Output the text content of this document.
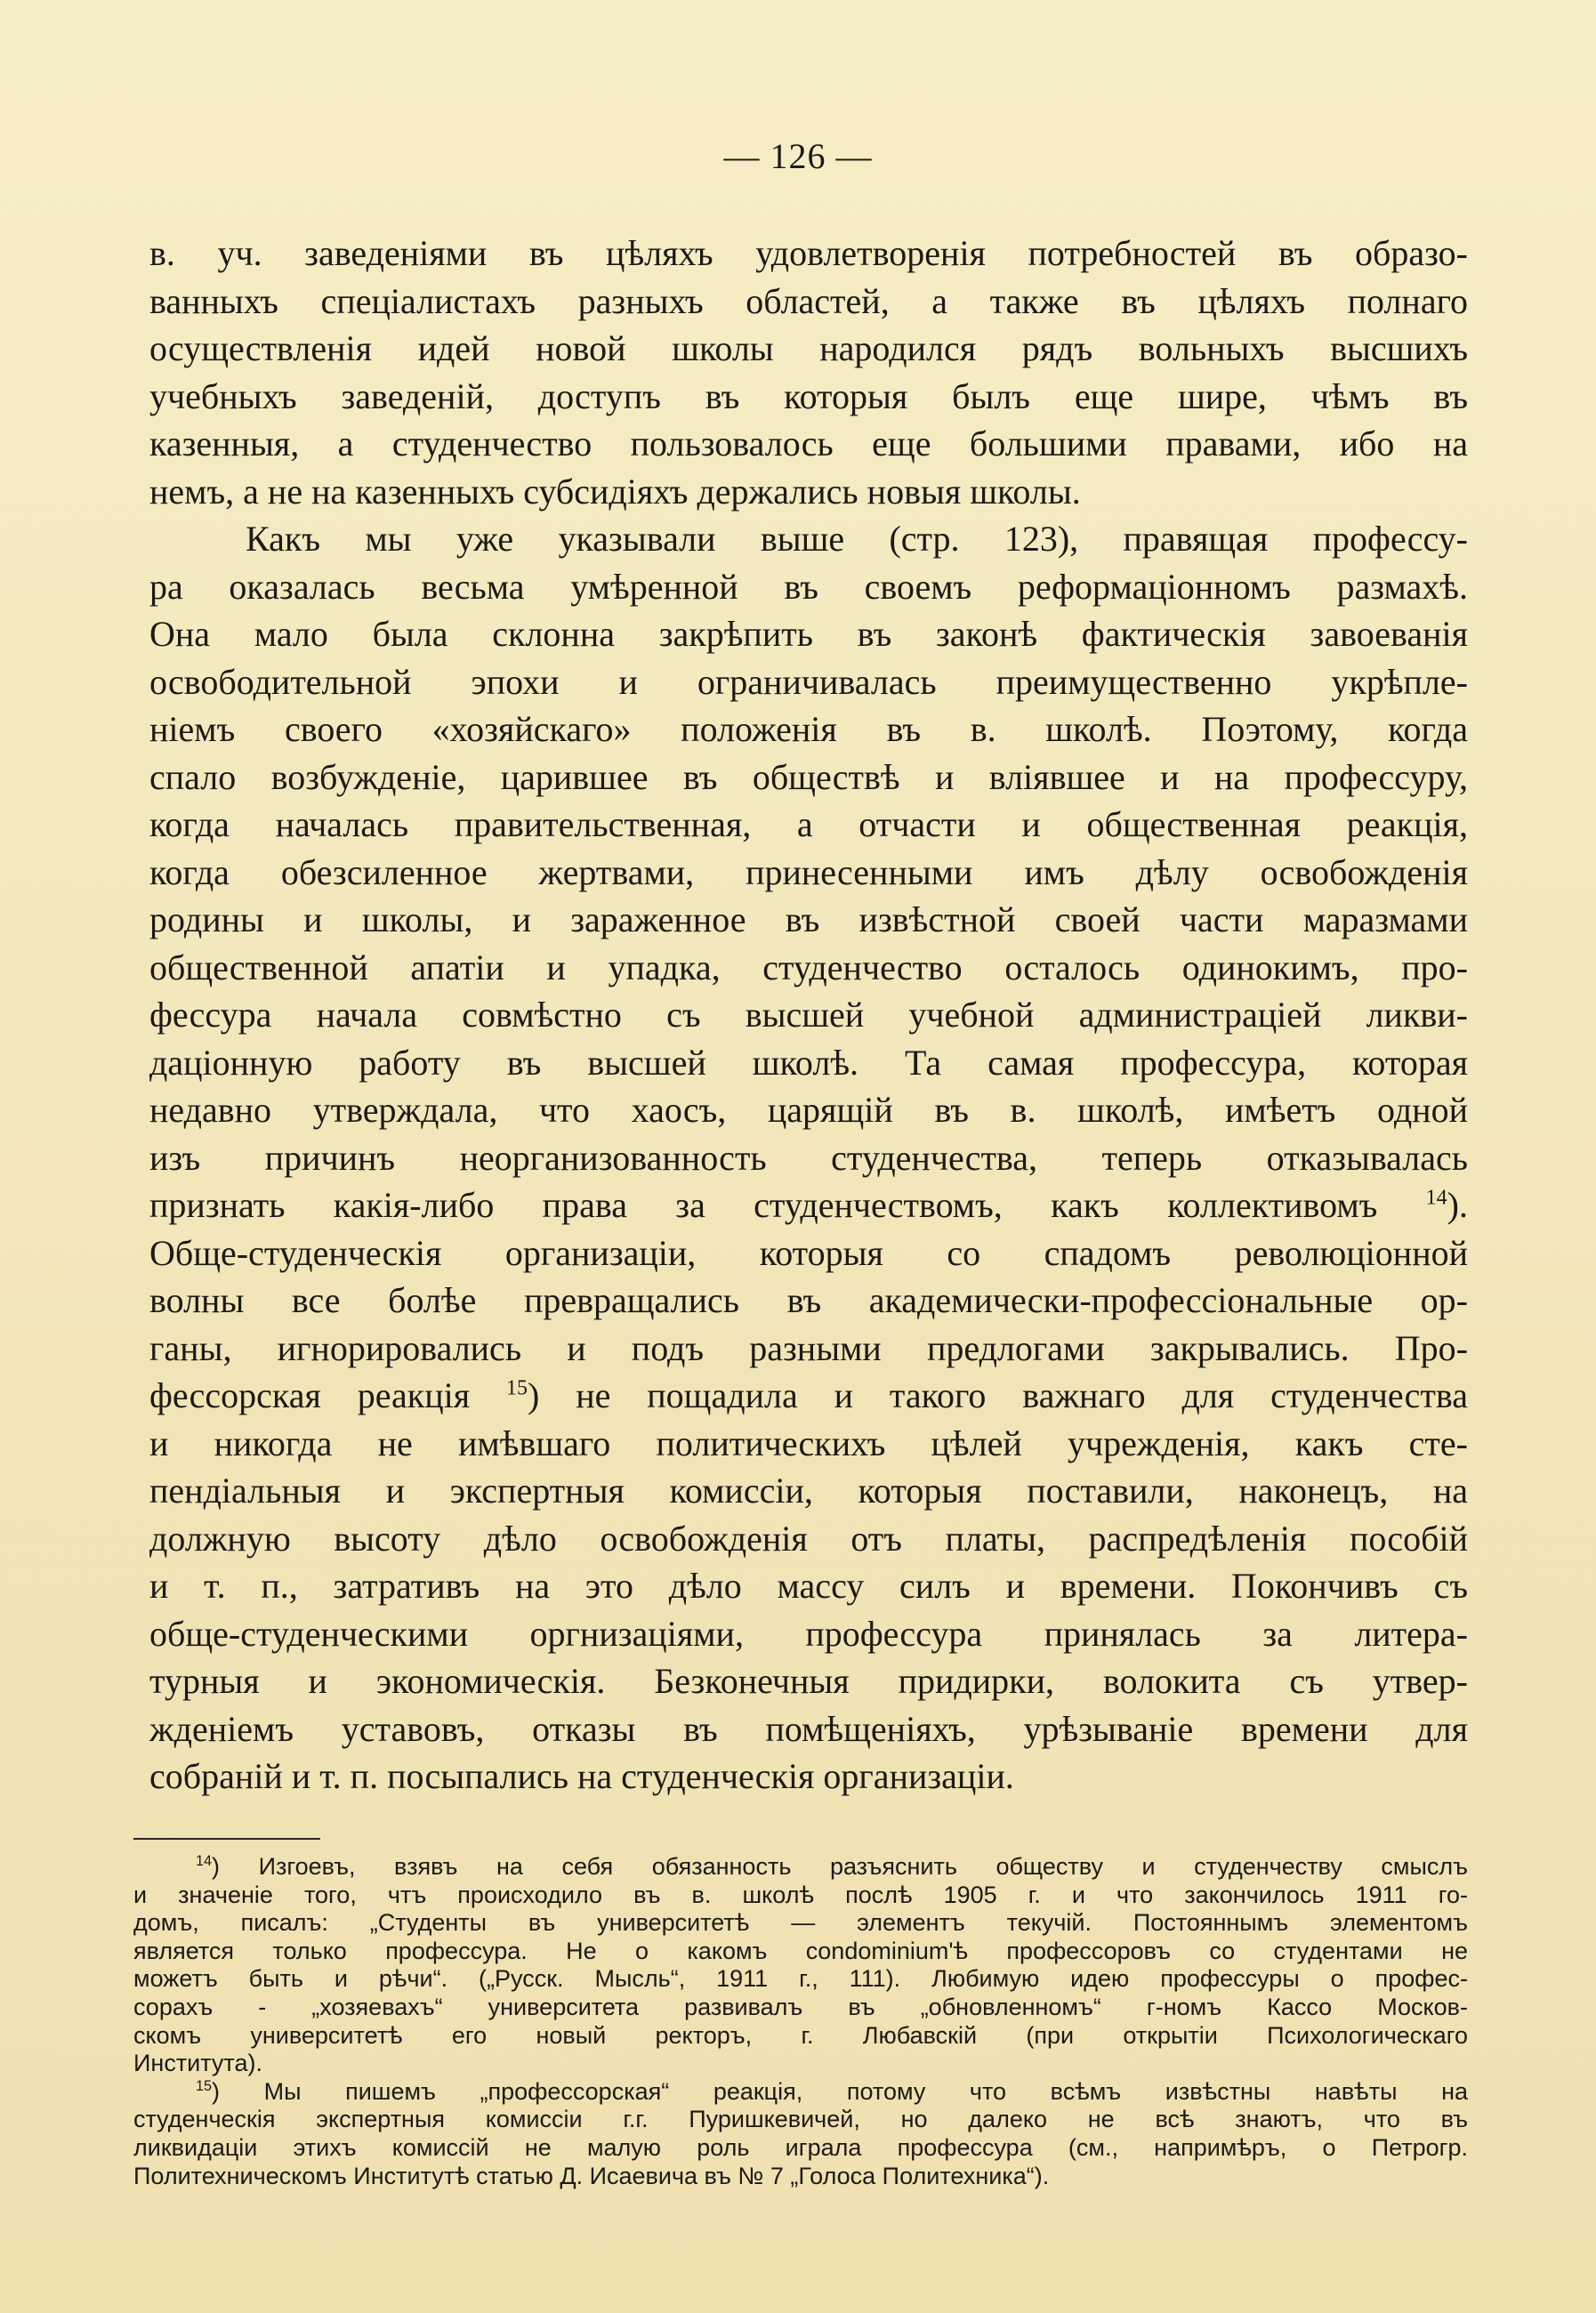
— 126 —
в. уч. заведеніями въ цѣляхъ удовлетворенія потребностей въ образо-
ванныхъ спеціалистахъ разныхъ областей, а также въ цѣляхъ полнаго
осуществленія идей новой школы народился рядъ вольныхъ высшихъ
учебныхъ заведеній, доступъ въ которыя былъ еще шире, чѣмъ въ
казенныя, а студенчество пользовалось еще большими правами, ибо на
немъ, а не на казенныхъ субсидіяхъ держались новыя школы.
Какъ мы уже указывали выше (стр. 123), правящая профессу-
ра оказалась весьма умѣренной въ своемъ реформаціонномъ размахѣ.
Она мало была склонна закрѣпить въ законѣ фактическія завоеванія
освободительной эпохи и ограничивалась преимущественно укрѣпле-
ніемъ своего «хозяйскаго» положенія въ в. школѣ. Поэтому, когда
спало возбужденіе, царившее въ обществѣ и вліявшее и на профессуру,
когда началась правительственная, а отчасти и общественная реакція,
когда обезсиленное жертвами, принесенными имъ дѣлу освобожденія
родины и школы, и зараженное въ извѣстной своей части маразмами
общественной апатіи и упадка, студенчество осталось одинокимъ, про-
фессура начала совмѣстно съ высшей учебной администраціей ликви-
даціонную работу въ высшей школѣ. Та самая профессура, которая
недавно утверждала, что хаосъ, царящій въ в. школѣ, имѣетъ одной
изъ причинъ неорганизованность студенчества, теперь отказывалась
признать какія-либо права за студенчествомъ, какъ коллективомъ $^{14}$).
Обще-студенческія организаціи, которыя со спадомъ революціонной
волны все болѣе превращались въ академически-профессіональные ор-
ганы, игнорировались и подъ разными предлогами закрывались. Про-
фессорская реакція $^{15}$) не пощадила и такого важнаго для студенчества
и никогда не имѣвшаго политическихъ цѣлей учрежденія, какъ сте-
пендіальныя и экспертныя комиссіи, которыя поставили, наконецъ, на
должную высоту дѣло освобожденія отъ платы, распредѣленія пособій
и т. п., затративъ на это дѣло массу силъ и времени. Покончивъ съ
обще-студенческими оргнизаціями, профессура принялась за литера-
турныя и экономическія. Безконечныя придирки, волокита съ утвер-
жденіемъ уставовъ, отказы въ помѣщеніяхъ, урѣзываніе времени для
собраній и т. п. посыпались на студенческія организаціи.
$^{14}$) Изгоевъ, взявъ на себя обязанность разъяснить обществу и студенчеству смыслъ
и значеніе того, чтъ происходило въ в. школѣ послѣ 1905 г. и что закончилось 1911 го-
домъ, писалъ: „Студенты въ университетѣ — элементъ текучій. Постояннымъ элементомъ
является только профессура. Не о какомъ condominium'ѣ профессоровъ со студентами не
можетъ быть и рѣчи“. („Русск. Мысль“, 1911 г., 111). Любимую идею профессуры о профес-
сорахъ - „хозяевахъ“ университета развивалъ въ „обновленномъ“ г-номъ Кассо Москов-
скомъ университетѣ его новый ректоръ, г. Любавскій (при открытіи Психологическаго
Института).
$^{15}$) Мы пишемъ „профессорская“ реакція, потому что всѣмъ извѣстны навѣты на
студенческія экспертныя комиссіи г.г. Пуришкевичей, но далеко не всѣ знаютъ, что въ
ликвидаціи этихъ комиссій не малую роль играла профессура (см., напримѣръ, о Петрогр.
Политехническомъ Институтѣ статью Д. Исаевича въ № 7 „Голоса Политехника“).
